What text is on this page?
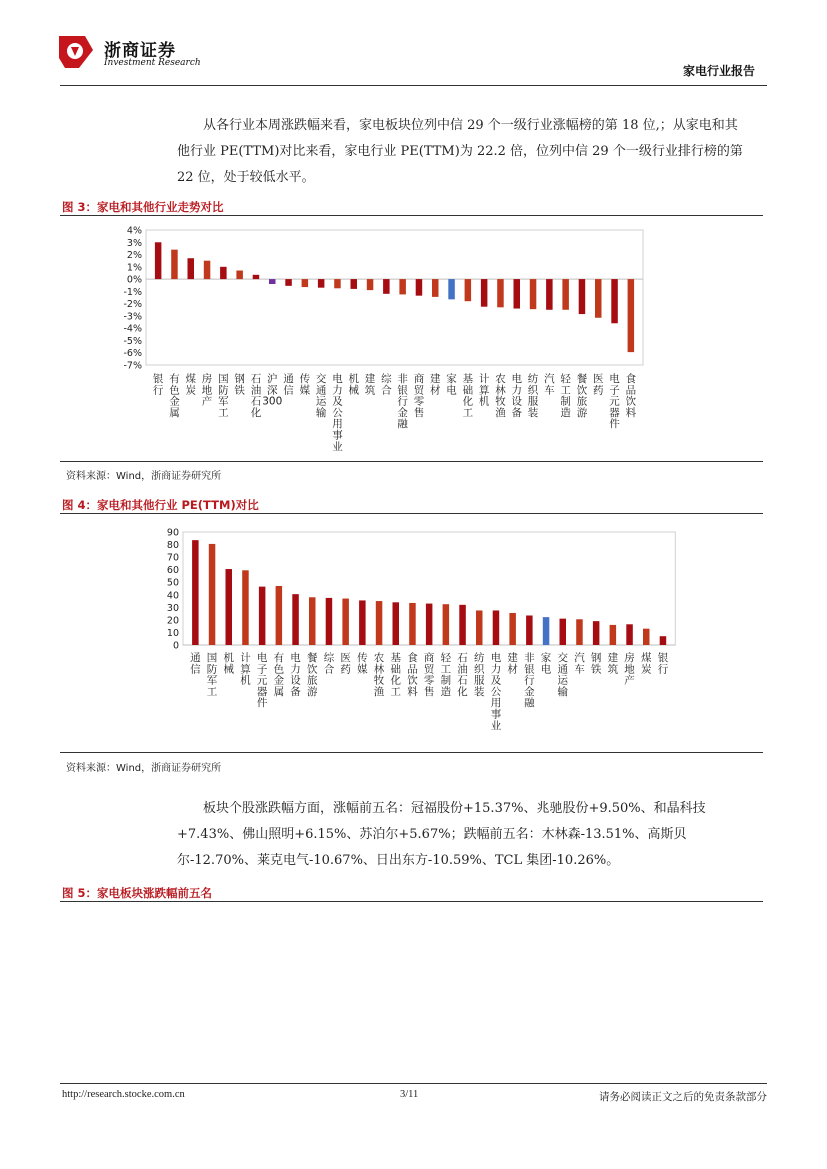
浙商证券
Investment Research
家电行业报告
从各行业本周涨跌幅来看，家电板块位列中信 29 个一级行业涨幅榜的第 18 位,；从家电和其他行业 PE(TTM)对比来看，家电行业 PE(TTM)为 22.2 倍，位列中信 29 个一级行业排行榜的第 22 位，处于较低水平。
图 3：家电和其他行业走势对比
4%
3%
2%
1%
0%
-1%
-2%
-3%
-4%
-5%
-6%
-7%
银行
有色金属
煤炭
房地产
国防军工
钢铁
石油石化
沪深 300
通信
传媒
交通运输
电力及公用事业
机械
建筑
综合
非银行金融
商贸零售
建材
家电
基础化工
计算机
农林牧渔
电力设备
纺织服装
汽车
轻工制造
餐饮旅游
医药
电子元器件
食品饮料
资料来源：Wind，浙商证券研究所
图 4：家电和其他行业 PE(TTM)对比
90
80
70
60
50
40
30
20
10
0
通信
国防军工
机械
计算机
电子元器件
有色金属
电力设备
餐饮旅游
综合
医药
传媒
农林牧渔
基础化工
食品饮料
商贸零售
轻工制造
石油石化
纺织服装
电力及公用事业
建材
非银行金融
家电
交通运输
汽车
钢铁
建筑
房地产
煤炭
银行
资料来源：Wind，浙商证券研究所
板块个股涨跌幅方面，涨幅前五名：冠福股份+15.37%、兆驰股份+9.50%、和晶科技+7.43%、佛山照明+6.15%、苏泊尔+5.67%；跌幅前五名：木林森-13.51%、高斯贝尔-12.70%、莱克电气-10.67%、日出东方-10.59%、TCL 集团-10.26%。
图 5：家电板块涨跌幅前五名
http://research.stocke.com.cn	3/11	请务必阅读正文之后的免责条款部分
